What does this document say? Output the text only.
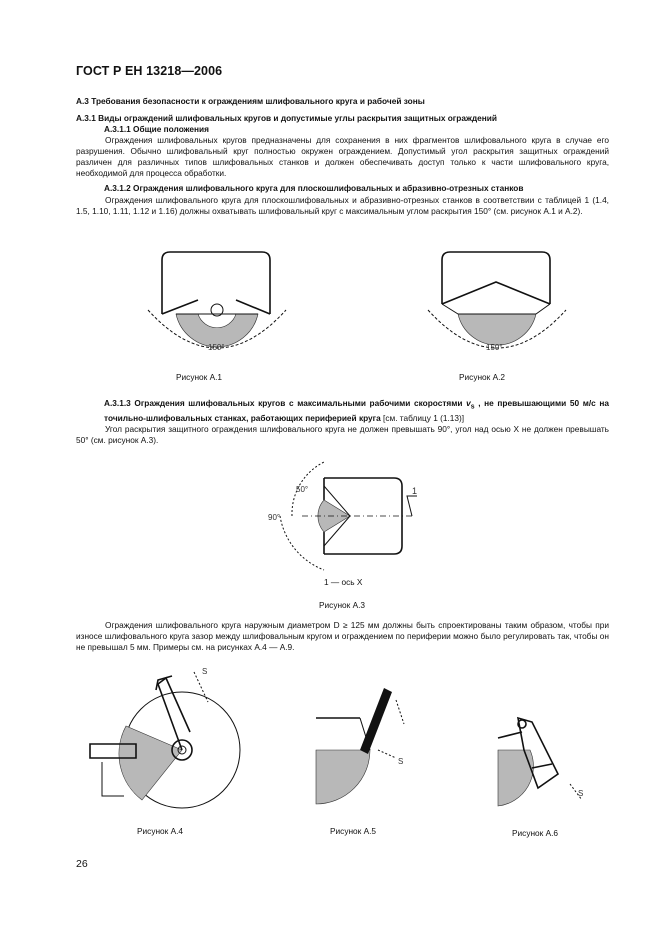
ГОСТ Р ЕН 13218—2006
А.3 Требования безопасности к ограждениям шлифовального круга и рабочей зоны
А.3.1 Виды ограждений шлифовальных кругов и допустимые углы раскрытия защитных ограждений
А.3.1.1 Общие положения
Ограждения шлифовальных кругов предназначены для сохранения в них фрагментов шлифовального круга в случае его разрушения. Обычно шлифовальный круг полностью окружен ограждением. Допустимый угол раскрытия защитных ограждений различен для различных типов шлифовальных станков и должен обеспечивать доступ только к части шлифовального круга, необходимой для процесса обработки.
А.3.1.2 Ограждения шлифовального круга для плоскошлифовальных и абразивно-отрезных станков
Ограждения шлифовального круга для плоскошлифовальных и абразивно-отрезных станков в соответствии с таблицей 1 (1.4, 1.5, 1.10, 1.11, 1.12 и 1.16) должны охватывать шлифовальный круг с максимальным углом раскрытия 150° (см. рисунок А.1 и А.2).
150°
Рисунок А.1
150°
Рисунок А.2
А.3.1.3 Ограждения шлифовальных кругов с максимальными рабочими скоростями $v_s$ , не превышающими 50 м/с на точильно-шлифовальных станках, работающих периферией круга [см. таблицу 1 (1.13)]
Угол раскрытия защитного ограждения шлифовального круга не должен превышать 90°, угол над осью X не должен превышать 50° (см. рисунок А.3).
50°
90°
1
1 — ось X
Рисунок А.3
Ограждения шлифовального круга наружным диаметром D ≥ 125 мм должны быть спроектированы таким образом, чтобы при износе шлифовального круга зазор между шлифовальным кругом и ограждением по периферии можно было регулировать так, чтобы он не превышал 5 мм. Примеры см. на рисунках А.4 — А.9.
S
Рисунок А.4
S
Рисунок А.5
S
Рисунок А.6
26
